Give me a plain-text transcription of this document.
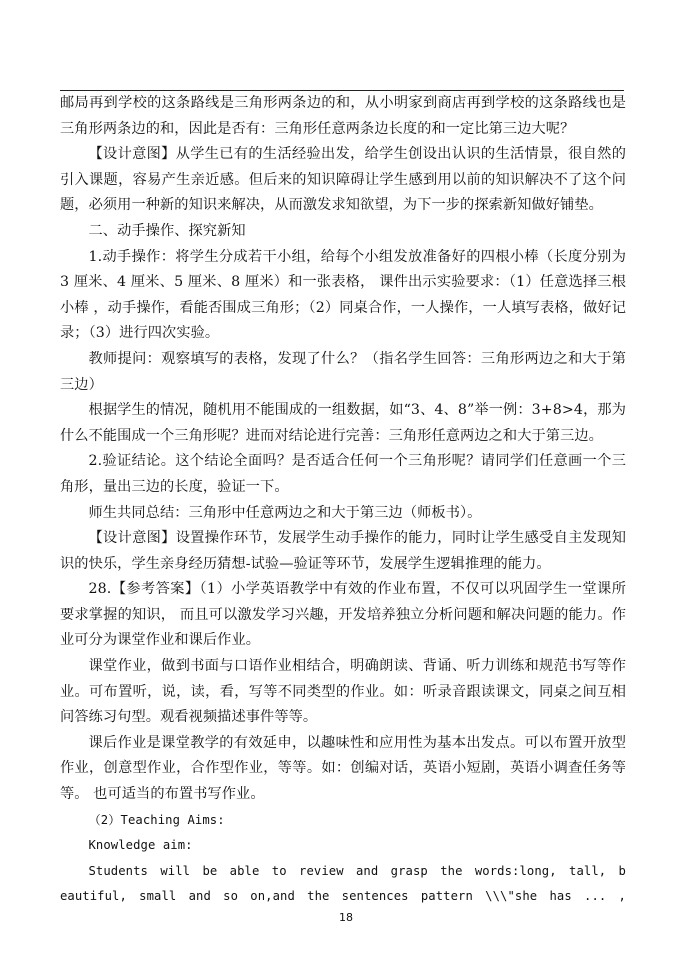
邮局再到学校的这条路线是三角形两条边的和，从小明家到商店再到学校的这条路线也是三角形两条边的和，因此是否有：三角形任意两条边长度的和一定比第三边大呢？

【设计意图】从学生已有的生活经验出发，给学生创设出认识的生活情景，很自然的引入课题，容易产生亲近感。但后来的知识障碍让学生感到用以前的知识解决不了这个问题，必须用一种新的知识来解决，从而激发求知欲望，为下一步的探索新知做好铺垫。

二、动手操作、探究新知

1.动手操作：将学生分成若干小组，给每个小组发放准备好的四根小棒（长度分别为 3 厘米、4 厘米、5 厘米、8 厘米）和一张表格， 课件出示实验要求：（1）任意选择三根小棒 ，动手操作，看能否围成三角形；（2）同桌合作，一人操作，一人填写表格，做好记录；（3）进行四次实验。

教师提问：观察填写的表格，发现了什么？（指名学生回答：三角形两边之和大于第三边）

根据学生的情况，随机用不能围成的一组数据，如“3、4、8”举一例：3+8>4，那为什么不能围成一个三角形呢？进而对结论进行完善：三角形任意两边之和大于第三边。

2.验证结论。这个结论全面吗？是否适合任何一个三角形呢？请同学们任意画一个三角形，量出三边的长度，验证一下。

师生共同总结：三角形中任意两边之和大于第三边（师板书）。

【设计意图】设置操作环节，发展学生动手操作的能力，同时让学生感受自主发现知识的快乐，学生亲身经历猜想-试验—验证等环节，发展学生逻辑推理的能力。

28.【参考答案】（1）小学英语教学中有效的作业布置，不仅可以巩固学生一堂课所要求掌握的知识， 而且可以激发学习兴趣，开发培养独立分析问题和解决问题的能力。作业可分为课堂作业和课后作业。

课堂作业，做到书面与口语作业相结合，明确朗读、背诵、听力训练和规范书写等作业。可布置听，说，读，看，写等不同类型的作业。如：听录音跟读课文，同桌之间互相问答练习句型。观看视频描述事件等等。

课后作业是课堂教学的有效延申，以趣味性和应用性为基本出发点。可以布置开放型作业，创意型作业，合作型作业，等等。如：创编对话，英语小短剧，英语小调查任务等等。 也可适当的布置书写作业。

（2）Teaching Aims:

Knowledge aim:

Students will be able to review and grasp the words:long, tall, b

eautiful, small and so on,and the sentences pattern \\\"she has ... ,

18
